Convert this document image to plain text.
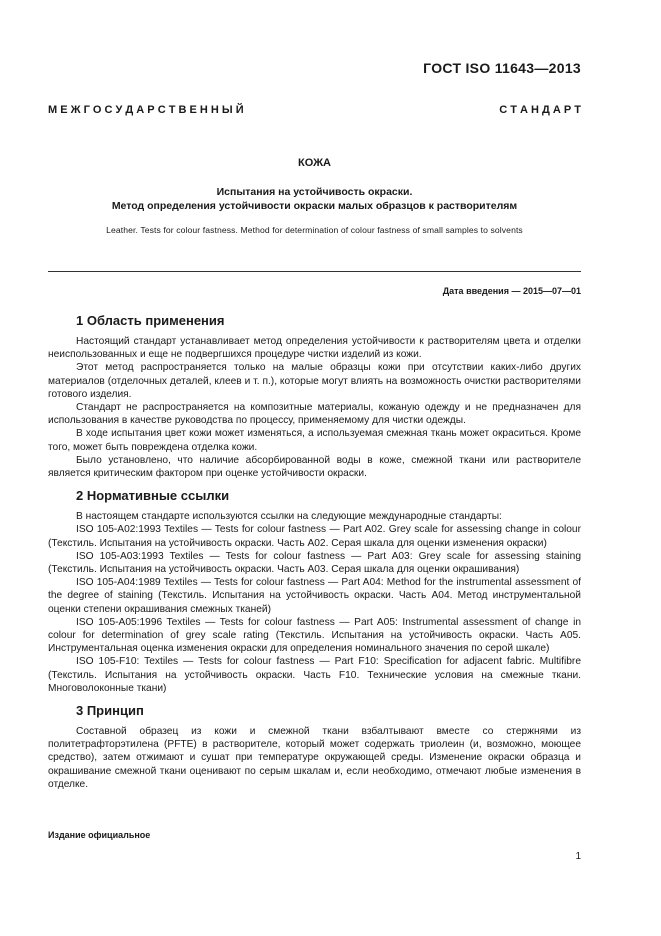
ГОСТ ISO 11643—2013
М Е Ж Г О С У Д А Р С Т В Е Н Н Ы Й	С Т А Н Д А Р Т
КОЖА
Испытания на устойчивость окраски.
Метод определения устойчивости окраски малых образцов к растворителям
Leather. Tests for colour fastness. Method for determination of colour fastness of small samples to solvents
Дата введения — 2015—07—01
1 Область применения

Настоящий стандарт устанавливает метод определения устойчивости к растворителям цвета и отделки неиспользованных и еще не подвергшихся процедуре чистки изделий из кожи.

Этот метод распространяется только на малые образцы кожи при отсутствии каких-либо других материалов (отделочных деталей, клеев и т. п.), которые могут влиять на возможность очистки растворителями готового изделия.

Стандарт не распространяется на композитные материалы, кожаную одежду и не предназначен для использования в качестве руководства по процессу, применяемому для чистки одежды.

В ходе испытания цвет кожи может изменяться, а используемая смежная ткань может окраситься. Кроме того, может быть повреждена отделка кожи.

Было установлено, что наличие абсорбированной воды в коже, смежной ткани или растворителе является критическим фактором при оценке устойчивости окраски.

2 Нормативные ссылки

В настоящем стандарте используются ссылки на следующие международные стандарты:

ISO 105-A02:1993 Textiles — Tests for colour fastness — Part A02. Grey scale for assessing change in colour (Текстиль. Испытания на устойчивость окраски. Часть A02. Серая шкала для оценки изменения окраски)

ISO 105-A03:1993 Textiles — Tests for colour fastness — Part A03: Grey scale for assessing staining (Текстиль. Испытания на устойчивость окраски. Часть A03. Серая шкала для оценки окрашивания)

ISO 105-A04:1989 Textiles — Tests for colour fastness — Part A04: Method for the instrumental assessment of the degree of staining (Текстиль. Испытания на устойчивость окраски. Часть A04. Метод инструментальной оценки степени окрашивания смежных тканей)

ISO 105-A05:1996 Textiles — Tests for colour fastness — Part A05: Instrumental assessment of change in colour for determination of grey scale rating (Текстиль. Испытания на устойчивость окраски. Часть A05. Инструментальная оценка изменения окраски для определения номинального значения по серой шкале)

ISO 105-F10: Textiles — Tests for colour fastness — Part F10: Specification for adjacent fabric. Multifibre (Текстиль. Испытания на устойчивость окраски. Часть F10. Технические условия на смежные ткани. Многоволоконные ткани)

3 Принцип

Составной образец из кожи и смежной ткани взбалтывают вместе со стержнями из политетрафторэтилена (PFTE) в растворителе, который может содержать триолеин (и, возможно, моющее средство), затем отжимают и сушат при температуре окружающей среды. Изменение окраски образца и окрашивание смежной ткани оценивают по серым шкалам и, если необходимо, отмечают любые изменения в отделке.

Издание официальное
1
